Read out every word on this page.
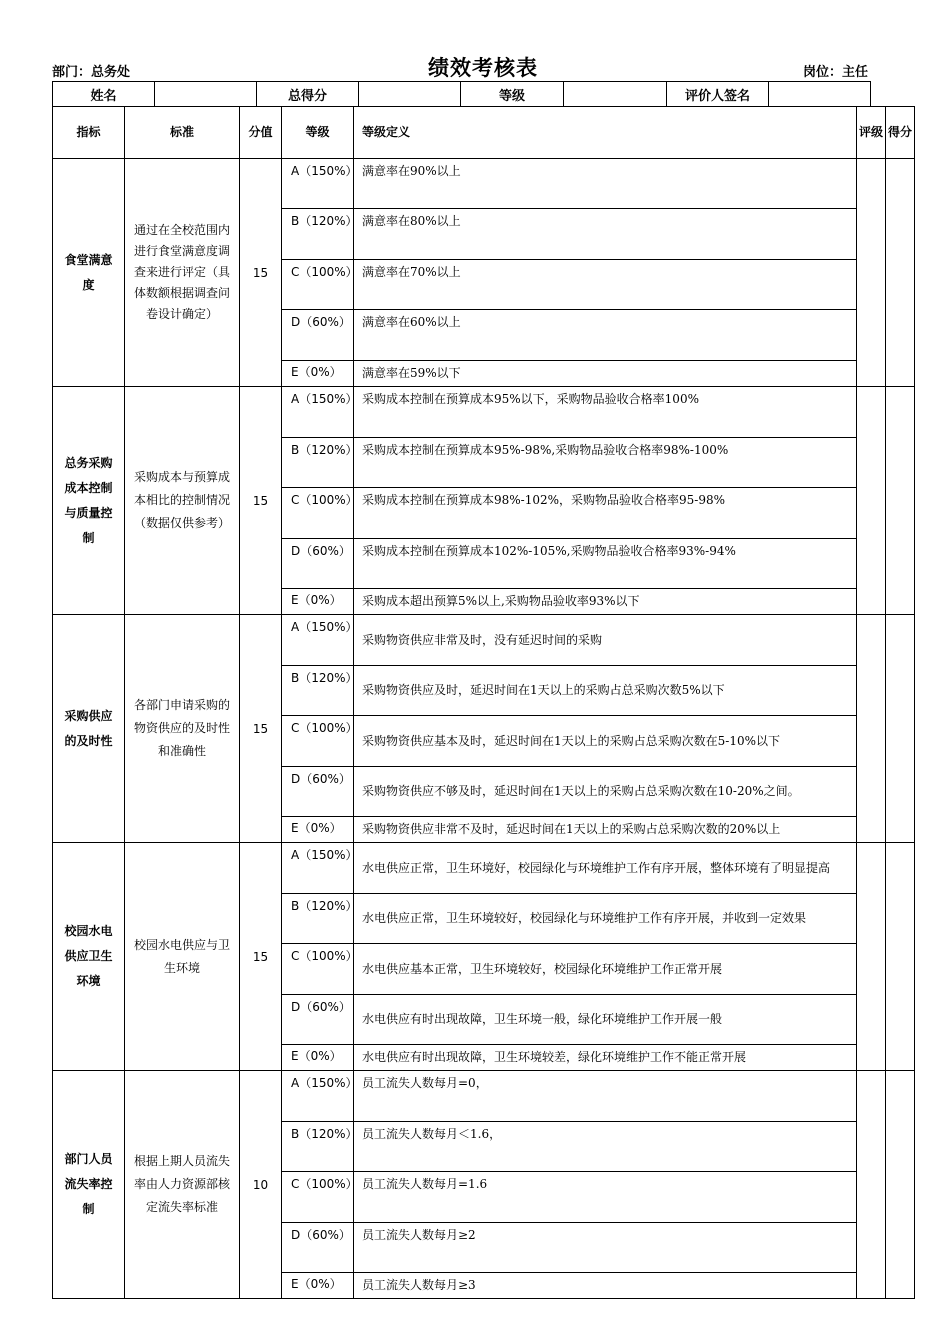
部门：总务处	绩效考核表	岗位：主任
姓名		总得分		等级		评价人签名	
指标	标准	分值	等级	等级定义	评级	得分
食堂满意度	通过在全校范围内进行食堂满意度调查来进行评定（具体数额根据调查问卷设计确定）	15	A（150%）	满意率在90%以上		
			B（120%）	满意率在80%以上		
			C（100%）	满意率在70%以上		
			D（60%）	满意率在60%以上		
			E（0%）	满意率在59%以下		
总务采购成本控制与质量控制	采购成本与预算成本相比的控制情况（数据仅供参考）	15	A（150%）	采购成本控制在预算成本95%以下，采购物品验收合格率100%		
			B（120%）	采购成本控制在预算成本95%-98%,采购物品验收合格率98%-100%		
			C（100%）	采购成本控制在预算成本98%-102%，采购物品验收合格率95-98%		
			D（60%）	采购成本控制在预算成本102%-105%,采购物品验收合格率93%-94%		
			E（0%）	采购成本超出预算5%以上,采购物品验收率93%以下		
采购供应的及时性	各部门申请采购的物资供应的及时性和准确性	15	A（150%）	采购物资供应非常及时，没有延迟时间的采购		
			B（120%）	采购物资供应及时，延迟时间在1天以上的采购占总采购次数5%以下		
			C（100%）	采购物资供应基本及时，延迟时间在1天以上的采购占总采购次数在5-10%以下		
			D（60%）	采购物资供应不够及时，延迟时间在1天以上的采购占总采购次数在10-20%之间。		
			E（0%）	采购物资供应非常不及时，延迟时间在1天以上的采购占总采购次数的20%以上		
校园水电供应卫生环境	校园水电供应与卫生环境	15	A（150%）	水电供应正常，卫生环境好，校园绿化与环境维护工作有序开展，整体环境有了明显提高		
			B（120%）	水电供应正常，卫生环境较好，校园绿化与环境维护工作有序开展，并收到一定效果		
			C（100%）	水电供应基本正常，卫生环境较好，校园绿化环境维护工作正常开展		
			D（60%）	水电供应有时出现故障，卫生环境一般，绿化环境维护工作开展一般		
			E（0%）	水电供应有时出现故障，卫生环境较差，绿化环境维护工作不能正常开展		
部门人员流失率控制	根据上期人员流失率由人力资源部核定流失率标准	10	A（150%）	员工流失人数每月=0，		
			B（120%）	员工流失人数每月＜1.6，		
			C（100%）	员工流失人数每月=1.6		
			D（60%）	员工流失人数每月≥2		
			E（0%）	员工流失人数每月≥3		
